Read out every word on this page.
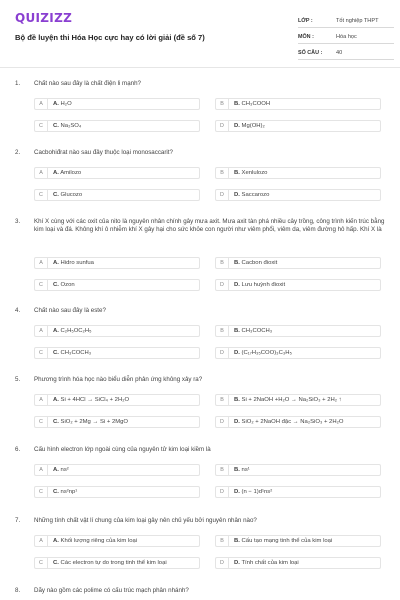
QUIZIZZ
Bộ đề luyện thi Hóa Học cực hay có lời giải (đề số 7)
LỚP :	Tốt nghiệp THPT
MÔN :	Hóa học
SỐ CÂU :	40
1. Chất nào sau đây là chất điện li mạnh?
A	A. H₂O	B	B. CH₃COOH
C	C. Na₂SO₄	D	D. Mg(OH)₂
2. Cacbohiđrat nào sau đây thuộc loại monosaccarit?
A	A. Amilozo	B	B. Xenlulozo
C	C. Glucozo	D	D. Saccarozo
3. Khí X cùng với các oxit của nito là nguyên nhân chính gây mưa axit. Mưa axit tàn phá nhiều cây trồng, công trình kiến trúc bằng kim loại và đá. Không khí ô nhiễm khí X gây hại cho sức khỏe con người như viêm phổi, viêm da, viêm đường hô hấp. Khí X là
A	A. Hidro sunfua	B	B. Cacbon đioxit
C	C. Ozon	D	D. Lưu huỳnh đioxit
4. Chất nào sau đây là este?
A	A. C₂H₅OC₂H₅	B	B. CH₃COCH₃
C	C. CH₃COCH₃	D	D. (C₁₇H₃₅COO)₃C₃H₅
5. Phương trình hóa học nào biểu diễn phản ứng không xảy ra?
A	A. Si + 4HCl → SiCl₄ + 2H₂O	B	B. Si + 2NaOH +H₂O → Na₂SiO₃ + 2H₂ ↑
C	C. SiO₂ + 2Mg → Si + 2MgO	D	D. SiO₂ + 2NaOH đặc → Na₂SiO₃ + 2H₂O
6. Cấu hình electron lớp ngoài cùng của nguyên tử kim loại kiềm là
A	A. ns²	B	B. ns¹
C	C. ns²np¹	D	D. (n − 1)d¹ns²
7. Những tính chất vật lí chung của kim loại gây nên chủ yếu bởi nguyên nhân nào?
A	A. Khối lượng riêng của kim loại	B	B. Cấu tạo mạng tinh thể của kim loại
C	C. Các electron tự do trong tinh thể kim loại	D	D. Tính chất của kim loại
8. Dãy nào gồm các polime có cấu trúc mạch phân nhánh?
